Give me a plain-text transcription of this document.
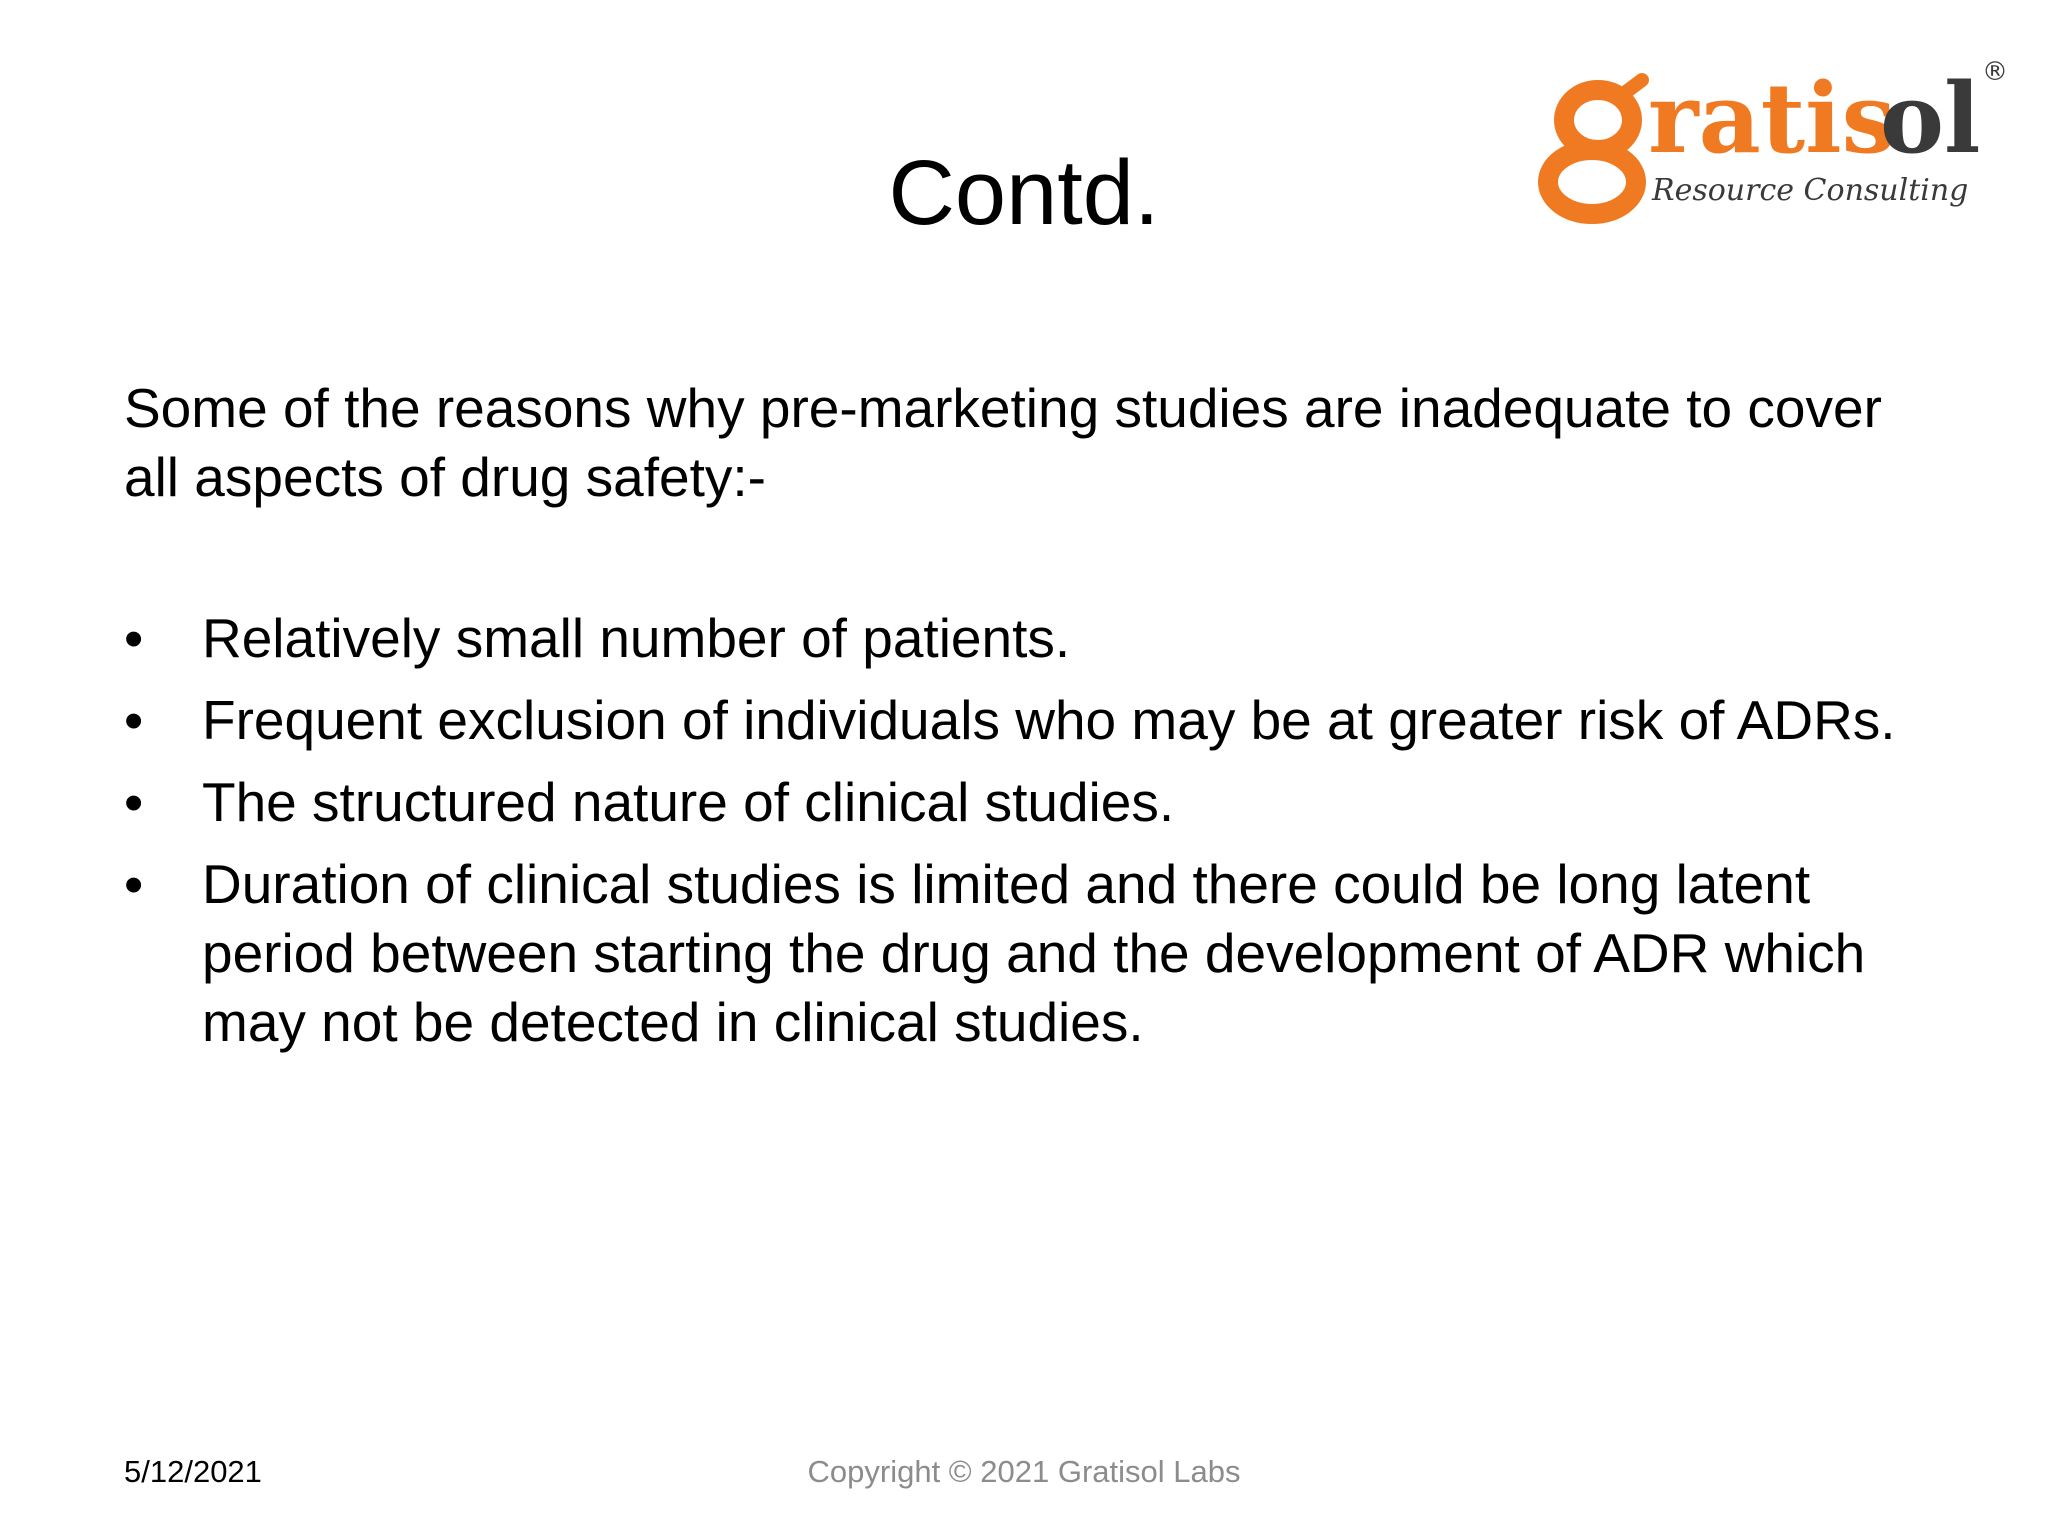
ratis
ol ®
Resource Consulting
Contd.

Some of the reasons why pre-marketing studies are inadequate to cover all aspects of drug safety:-

•	Relatively small number of patients.
•	Frequent exclusion of individuals who may be at greater risk of ADRs.
•	The structured nature of clinical studies.
•	Duration of clinical studies is limited and there could be long latent period between starting the drug and the development of ADR which may not be detected in clinical studies.
5/12/2021	Copyright © 2021 Gratisol Labs
